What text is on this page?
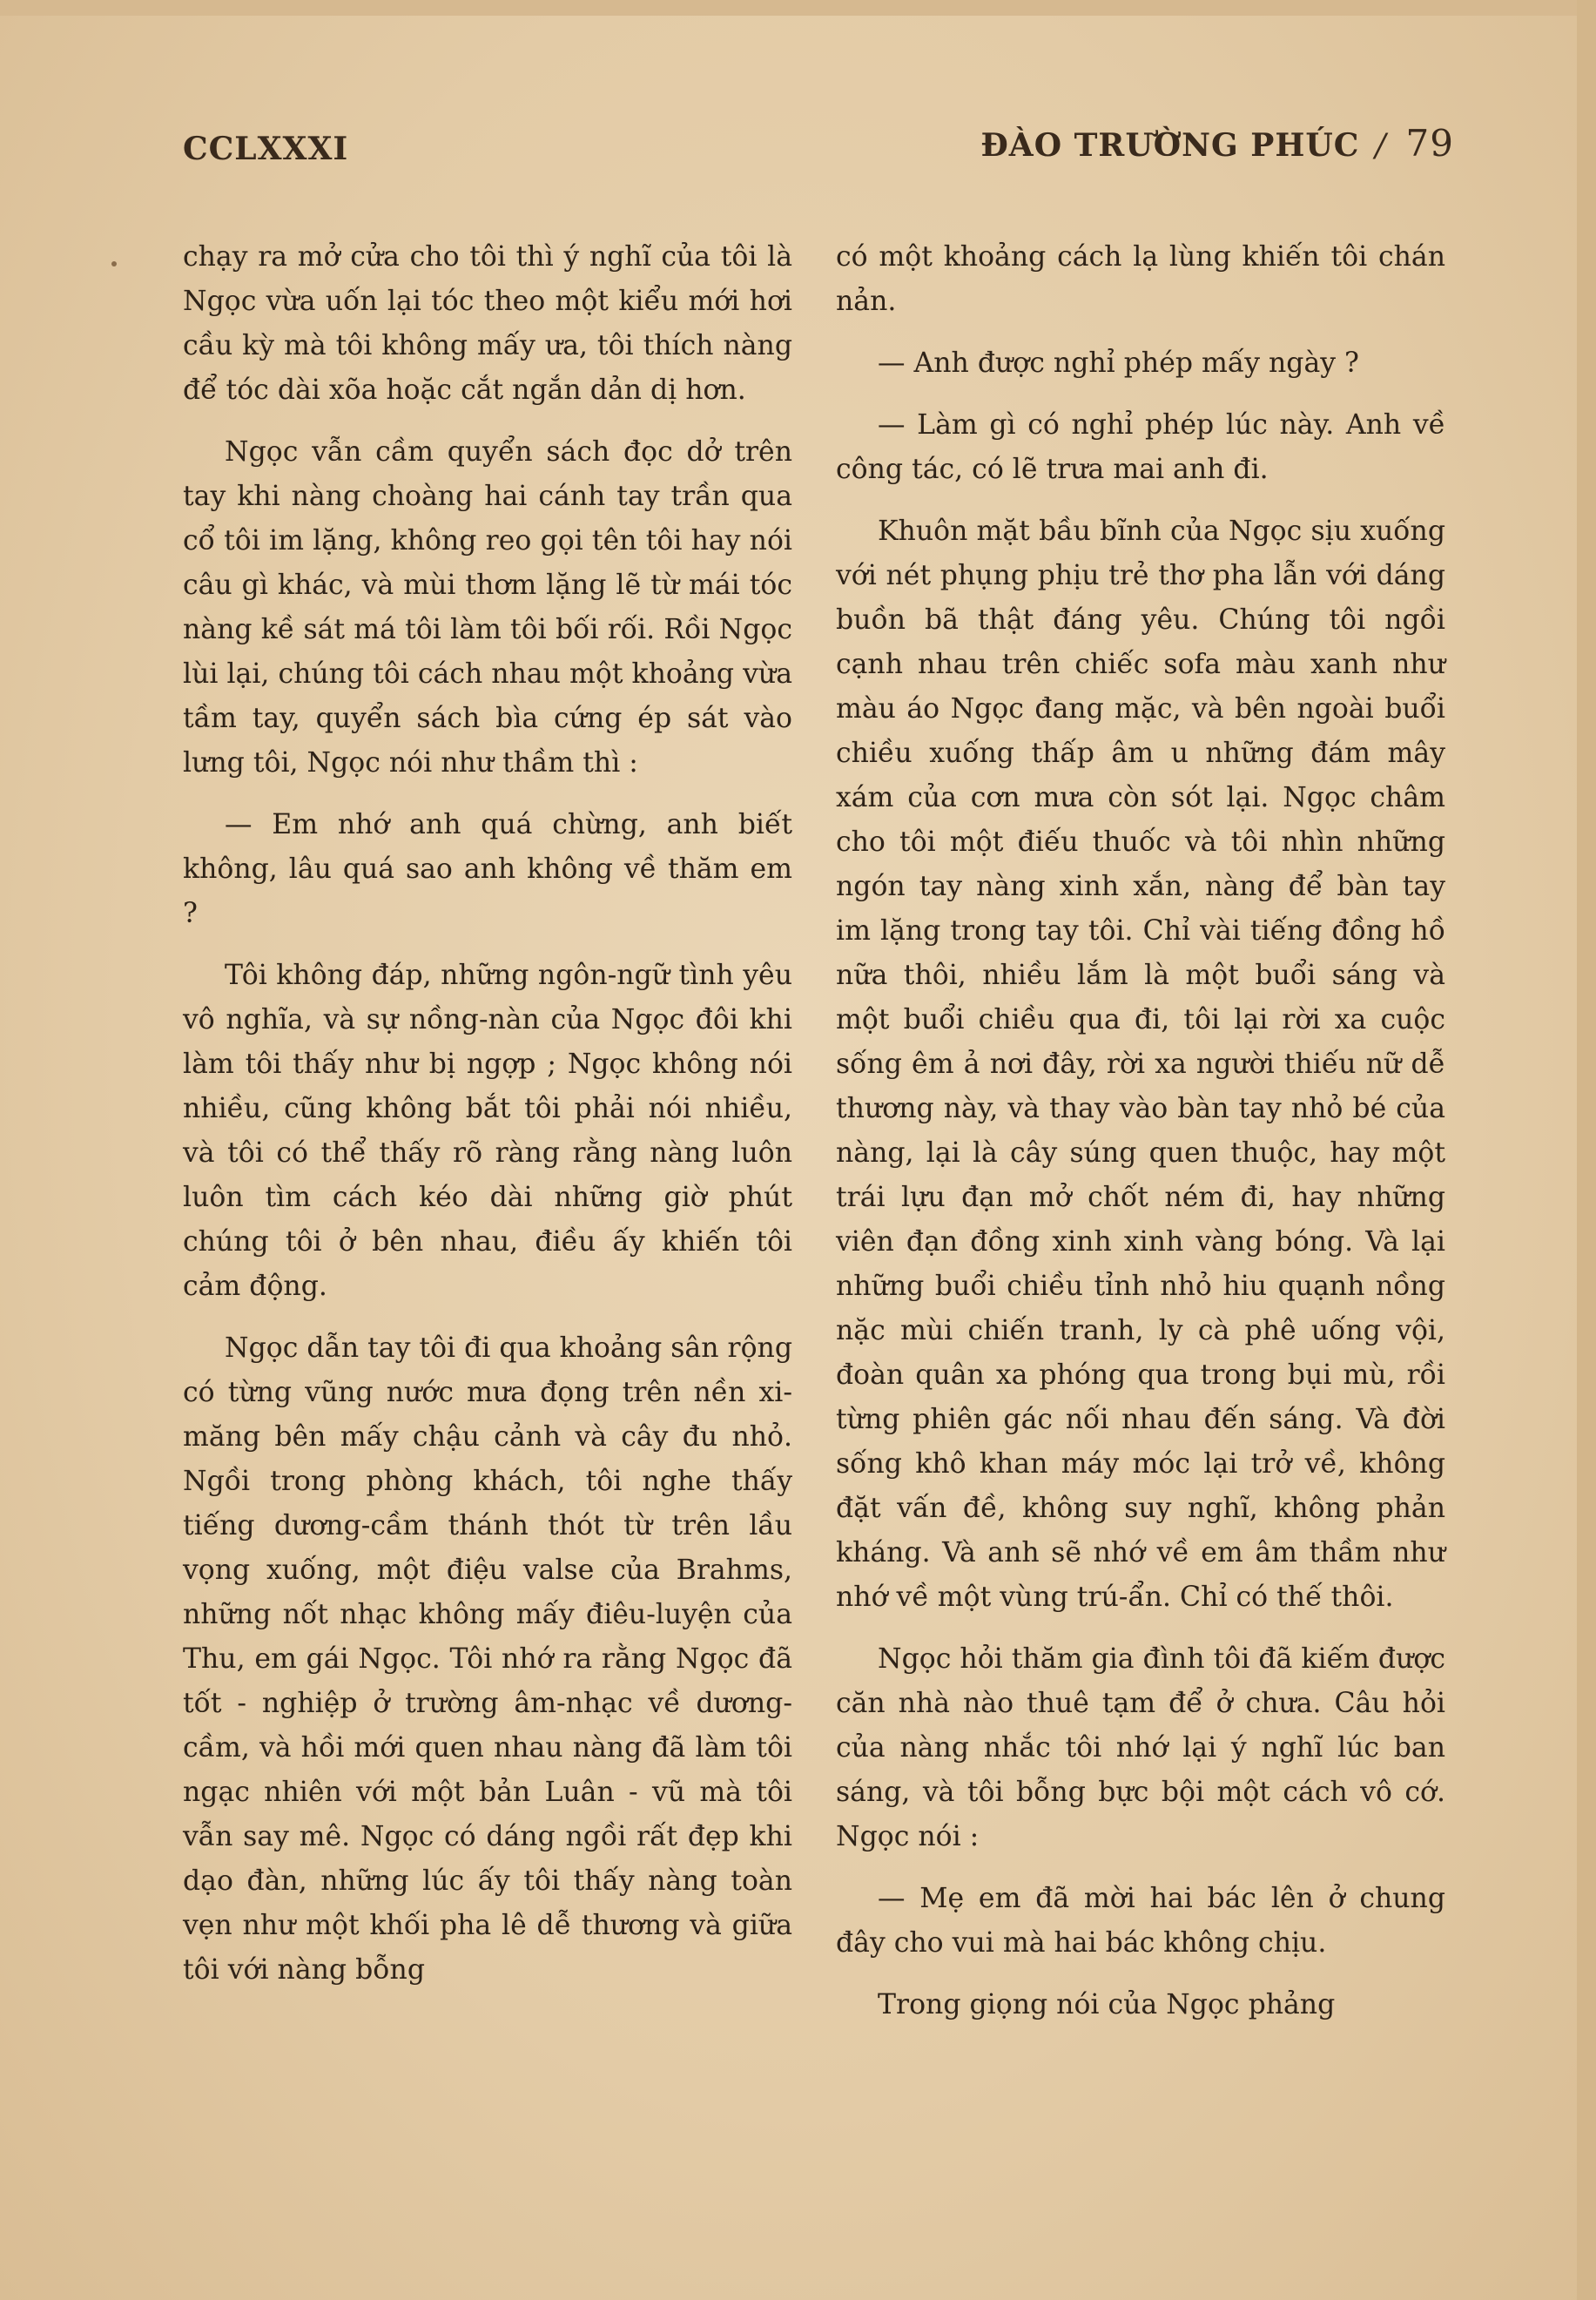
CCLXXXI	ĐÀO TRƯỜNG PHÚC / 79

chạy ra mở cửa cho tôi thì ý nghĩ của tôi là Ngọc vừa uốn lại tóc theo một kiểu mới hơi cầu kỳ mà tôi không mấy ưa, tôi thích nàng để tóc dài xõa hoặc cắt ngắn dản dị hơn.

Ngọc vẫn cầm quyển sách đọc dở trên tay khi nàng choàng hai cánh tay trần qua cổ tôi im lặng, không reo gọi tên tôi hay nói câu gì khác, và mùi thơm lặng lẽ từ mái tóc nàng kề sát má tôi làm tôi bối rối. Rồi Ngọc lùi lại, chúng tôi cách nhau một khoảng vừa tầm tay, quyển sách bìa cứng ép sát vào lưng tôi, Ngọc nói như thầm thì :

— Em nhớ anh quá chừng, anh biết không, lâu quá sao anh không về thăm em ?

Tôi không đáp, những ngôn-ngữ tình yêu vô nghĩa, và sự nồng-nàn của Ngọc đôi khi làm tôi thấy như bị ngợp ; Ngọc không nói nhiều, cũng không bắt tôi phải nói nhiều, và tôi có thể thấy rõ ràng rằng nàng luôn luôn tìm cách kéo dài những giờ phút chúng tôi ở bên nhau, điều ấy khiến tôi cảm động.

Ngọc dẫn tay tôi đi qua khoảng sân rộng có từng vũng nước mưa đọng trên nền xi-măng bên mấy chậu cảnh và cây đu nhỏ. Ngồi trong phòng khách, tôi nghe thấy tiếng dương-cầm thánh thót từ trên lầu vọng xuống, một điệu valse của Brahms, những nốt nhạc không mấy điêu-luyện của Thu, em gái Ngọc. Tôi nhớ ra rằng Ngọc đã tốt - nghiệp ở trường âm-nhạc về dương-cầm, và hồi mới quen nhau nàng đã làm tôi ngạc nhiên với một bản Luân - vũ mà tôi vẫn say mê. Ngọc có dáng ngồi rất đẹp khi dạo đàn, những lúc ấy tôi thấy nàng toàn vẹn như một khối pha lê dễ thương và giữa tôi với nàng bỗng

có một khoảng cách lạ lùng khiến tôi chán nản.

— Anh được nghỉ phép mấy ngày ?

— Làm gì có nghỉ phép lúc này. Anh về công tác, có lẽ trưa mai anh đi.

Khuôn mặt bầu bĩnh của Ngọc sịu xuống với nét phụng phịu trẻ thơ pha lẫn với dáng buồn bã thật đáng yêu. Chúng tôi ngồi cạnh nhau trên chiếc sofa màu xanh như màu áo Ngọc đang mặc, và bên ngoài buổi chiều xuống thấp âm u những đám mây xám của cơn mưa còn sót lại. Ngọc châm cho tôi một điếu thuốc và tôi nhìn những ngón tay nàng xinh xắn, nàng để bàn tay im lặng trong tay tôi. Chỉ vài tiếng đồng hồ nữa thôi, nhiều lắm là một buổi sáng và một buổi chiều qua đi, tôi lại rời xa cuộc sống êm ả nơi đây, rời xa người thiếu nữ dễ thương này, và thay vào bàn tay nhỏ bé của nàng, lại là cây súng quen thuộc, hay một trái lựu đạn mở chốt ném đi, hay những viên đạn đồng xinh xinh vàng bóng. Và lại những buổi chiều tỉnh nhỏ hiu quạnh nồng nặc mùi chiến tranh, ly cà phê uống vội, đoàn quân xa phóng qua trong bụi mù, rồi từng phiên gác nối nhau đến sáng. Và đời sống khô khan máy móc lại trở về, không đặt vấn đề, không suy nghĩ, không phản kháng. Và anh sẽ nhớ về em âm thầm như nhớ về một vùng trú-ẩn. Chỉ có thế thôi.

Ngọc hỏi thăm gia đình tôi đã kiếm được căn nhà nào thuê tạm để ở chưa. Câu hỏi của nàng nhắc tôi nhớ lại ý nghĩ lúc ban sáng, và tôi bỗng bực bội một cách vô cớ. Ngọc nói :

— Mẹ em đã mời hai bác lên ở chung đây cho vui mà hai bác không chịu.

Trong giọng nói của Ngọc phảng
